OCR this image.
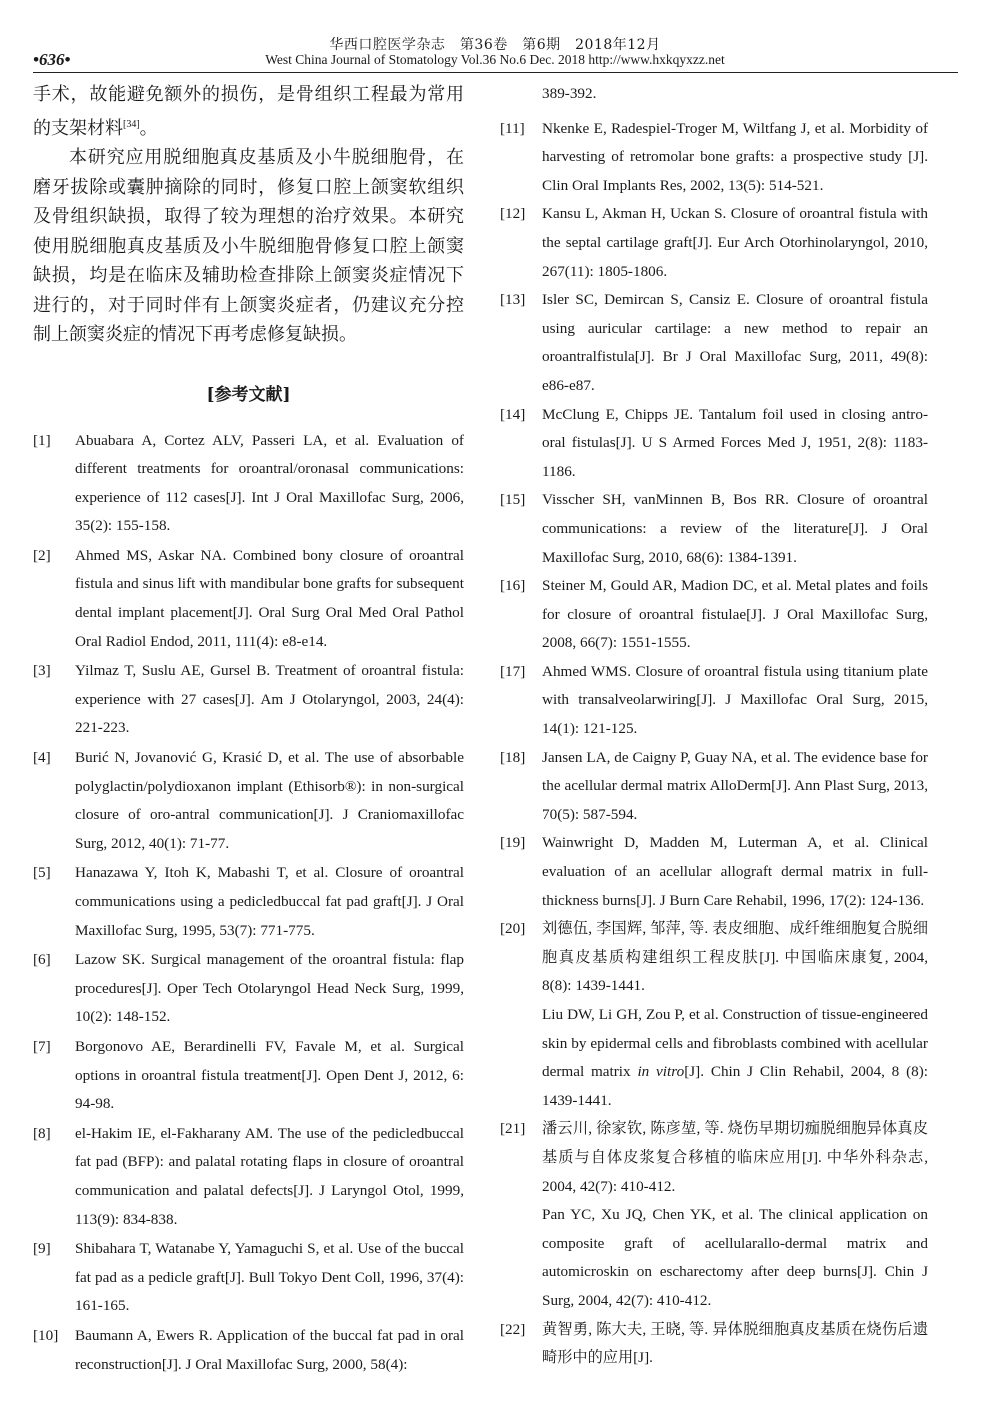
华西口腔医学杂志　第36卷　第6期　2018年12月
•636•	West China Journal of Stomatology Vol.36 No.6 Dec. 2018 http://www.hxkqyxzz.net

手术，故能避免额外的损伤，是骨组织工程最为常用的支架材料[34]。

本研究应用脱细胞真皮基质及小牛脱细胞骨，在磨牙拔除或囊肿摘除的同时，修复口腔上颌窦软组织及骨组织缺损，取得了较为理想的治疗效果。本研究使用脱细胞真皮基质及小牛脱细胞骨修复口腔上颌窦缺损，均是在临床及辅助检查排除上颌窦炎症情况下进行的，对于同时伴有上颌窦炎症者，仍建议充分控制上颌窦炎症的情况下再考虑修复缺损。

[参考文献]
[1]	Abuabara A, Cortez ALV, Passeri LA, et al. Evaluation of different treatments for oroantral/oronasal communications: experience of 112 cases[J]. Int J Oral Maxillofac Surg, 2006, 35(2): 155-158.
[2]	Ahmed MS, Askar NA. Combined bony closure of oroantral fistula and sinus lift with mandibular bone grafts for subsequent dental implant placement[J]. Oral Surg Oral Med Oral Pathol Oral Radiol Endod, 2011, 111(4): e8-e14.
[3]	Yilmaz T, Suslu AE, Gursel B. Treatment of oroantral fistula: experience with 27 cases[J]. Am J Otolaryngol, 2003, 24(4): 221-223.
[4]	Burić N, Jovanović G, Krasić D, et al. The use of absorbable polyglactin/polydioxanon implant (Ethisorb®): in non-surgical closure of oro-antral communication[J]. J Craniomaxillofac Surg, 2012, 40(1): 71-77.
[5]	Hanazawa Y, Itoh K, Mabashi T, et al. Closure of oroantral communications using a pedicledbuccal fat pad graft[J]. J Oral Maxillofac Surg, 1995, 53(7): 771-775.
[6]	Lazow SK. Surgical management of the oroantral fistula: flap procedures[J]. Oper Tech Otolaryngol Head Neck Surg, 1999, 10(2): 148-152.
[7]	Borgonovo AE, Berardinelli FV, Favale M, et al. Surgical options in oroantral fistula treatment[J]. Open Dent J, 2012, 6: 94-98.
[8]	el-Hakim IE, el-Fakharany AM. The use of the pedicledbuccal fat pad (BFP): and palatal rotating flaps in closure of oroantral communication and palatal defects[J]. J Laryngol Otol, 1999, 113(9): 834-838.
[9]	Shibahara T, Watanabe Y, Yamaguchi S, et al. Use of the buccal fat pad as a pedicle graft[J]. Bull Tokyo Dent Coll, 1996, 37(4): 161-165.
[10]	Baumann A, Ewers R. Application of the buccal fat pad in oral reconstruction[J]. J Oral Maxillofac Surg, 2000, 58(4):
389-392.
[11]	Nkenke E, Radespiel-Troger M, Wiltfang J, et al. Morbidity of harvesting of retromolar bone grafts: a prospective study [J]. Clin Oral Implants Res, 2002, 13(5): 514-521.
[12]	Kansu L, Akman H, Uckan S. Closure of oroantral fistula with the septal cartilage graft[J]. Eur Arch Otorhinolaryngol, 2010, 267(11): 1805-1806.
[13]	Isler SC, Demircan S, Cansiz E. Closure of oroantral fistula using auricular cartilage: a new method to repair an oroantralfistula[J]. Br J Oral Maxillofac Surg, 2011, 49(8): e86-e87.
[14]	McClung E, Chipps JE. Tantalum foil used in closing antro-oral fistulas[J]. U S Armed Forces Med J, 1951, 2(8): 1183-1186.
[15]	Visscher SH, vanMinnen B, Bos RR. Closure of oroantral communications: a review of the literature[J]. J Oral Maxillofac Surg, 2010, 68(6): 1384-1391.
[16]	Steiner M, Gould AR, Madion DC, et al. Metal plates and foils for closure of oroantral fistulae[J]. J Oral Maxillofac Surg, 2008, 66(7): 1551-1555.
[17]	Ahmed WMS. Closure of oroantral fistula using titanium plate with transalveolarwiring[J]. J Maxillofac Oral Surg, 2015, 14(1): 121-125.
[18]	Jansen LA, de Caigny P, Guay NA, et al. The evidence base for the acellular dermal matrix AlloDerm[J]. Ann Plast Surg, 2013, 70(5): 587-594.
[19]	Wainwright D, Madden M, Luterman A, et al. Clinical evaluation of an acellular allograft dermal matrix in full-thickness burns[J]. J Burn Care Rehabil, 1996, 17(2): 124-136.
[20]	刘德伍, 李国辉, 邹萍, 等. 表皮细胞、成纤维细胞复合脱细胞真皮基质构建组织工程皮肤[J]. 中国临床康复, 2004, 8(8): 1439-1441.
Liu DW, Li GH, Zou P, et al. Construction of tissue-engineered skin by epidermal cells and fibroblasts combined with acellular dermal matrix in vitro[J]. Chin J Clin Rehabil, 2004, 8 (8): 1439-1441.
[21]	潘云川, 徐家钦, 陈彦堃, 等. 烧伤早期切痂脱细胞异体真皮基质与自体皮浆复合移植的临床应用[J]. 中华外科杂志, 2004, 42(7): 410-412.
Pan YC, Xu JQ, Chen YK, et al. The clinical application on composite graft of acellularallo-dermal matrix and automicroskin on escharectomy after deep burns[J]. Chin J Surg, 2004, 42(7): 410-412.
[22]	黄智勇, 陈大夫, 王晓, 等. 异体脱细胞真皮基质在烧伤后遗畸形中的应用[J].
